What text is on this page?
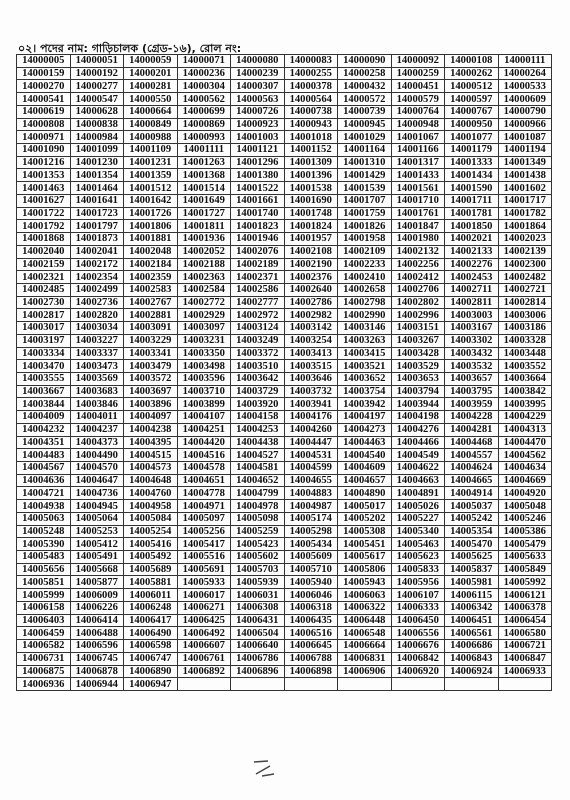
০২। পদের নাম: গাড়িচালক (গ্রেড-১৬), রোল নং:
14000005	14000051	14000059	14000071	14000080	14000083	14000090	14000092	14000108	14000111
14000159	14000192	14000201	14000236	14000239	14000255	14000258	14000259	14000262	14000264
14000270	14000277	14000281	14000304	14000307	14000378	14000432	14000451	14000512	14000533
14000541	14000547	14000550	14000562	14000563	14000564	14000572	14000579	14000597	14000609
14000619	14000628	14000664	14000699	14000726	14000738	14000739	14000764	14000767	14000790
14000808	14000838	14000849	14000869	14000923	14000943	14000945	14000948	14000950	14000966
14000971	14000984	14000988	14000993	14001003	14001018	14001029	14001067	14001077	14001087
14001090	14001099	14001109	14001111	14001121	14001152	14001164	14001166	14001179	14001194
14001216	14001230	14001231	14001263	14001296	14001309	14001310	14001317	14001333	14001349
14001353	14001354	14001359	14001368	14001380	14001396	14001429	14001433	14001434	14001438
14001463	14001464	14001512	14001514	14001522	14001538	14001539	14001561	14001590	14001602
14001627	14001641	14001642	14001649	14001661	14001690	14001707	14001710	14001711	14001717
14001722	14001723	14001726	14001727	14001740	14001748	14001759	14001761	14001781	14001782
14001792	14001797	14001806	14001811	14001823	14001824	14001826	14001847	14001850	14001864
14001868	14001873	14001881	14001936	14001946	14001957	14001958	14001980	14002021	14002023
14002040	14002041	14002048	14002052	14002076	14002108	14002109	14002132	14002133	14002139
14002159	14002172	14002184	14002188	14002189	14002190	14002233	14002256	14002276	14002300
14002321	14002354	14002359	14002363	14002371	14002376	14002410	14002412	14002453	14002482
14002485	14002499	14002583	14002584	14002586	14002640	14002658	14002706	14002711	14002721
14002730	14002736	14002767	14002772	14002777	14002786	14002798	14002802	14002811	14002814
14002817	14002820	14002881	14002929	14002972	14002982	14002990	14002996	14003003	14003006
14003017	14003034	14003091	14003097	14003124	14003142	14003146	14003151	14003167	14003186
14003197	14003227	14003229	14003231	14003249	14003254	14003263	14003267	14003302	14003328
14003334	14003337	14003341	14003350	14003372	14003413	14003415	14003428	14003432	14003448
14003470	14003473	14003479	14003498	14003510	14003515	14003521	14003529	14003532	14003552
14003555	14003569	14003572	14003596	14003642	14003646	14003652	14003653	14003657	14003664
14003667	14003683	14003697	14003710	14003729	14003732	14003754	14003794	14003795	14003842
14003844	14003846	14003896	14003899	14003920	14003941	14003942	14003944	14003959	14003995
14004009	14004011	14004097	14004107	14004158	14004176	14004197	14004198	14004228	14004229
14004232	14004237	14004238	14004251	14004253	14004260	14004273	14004276	14004281	14004313
14004351	14004373	14004395	14004420	14004438	14004447	14004463	14004466	14004468	14004470
14004483	14004490	14004515	14004516	14004527	14004531	14004540	14004549	14004557	14004562
14004567	14004570	14004573	14004578	14004581	14004599	14004609	14004622	14004624	14004634
14004636	14004647	14004648	14004651	14004652	14004655	14004657	14004663	14004665	14004669
14004721	14004736	14004760	14004778	14004799	14004883	14004890	14004891	14004914	14004920
14004938	14004945	14004958	14004971	14004978	14004987	14005017	14005026	14005037	14005048
14005063	14005064	14005084	14005097	14005098	14005174	14005202	14005227	14005242	14005246
14005248	14005253	14005254	14005256	14005259	14005298	14005308	14005340	14005354	14005386
14005390	14005412	14005416	14005417	14005423	14005434	14005451	14005463	14005470	14005479
14005483	14005491	14005492	14005516	14005602	14005609	14005617	14005623	14005625	14005633
14005656	14005668	14005689	14005691	14005703	14005710	14005806	14005833	14005837	14005849
14005851	14005877	14005881	14005933	14005939	14005940	14005943	14005956	14005981	14005992
14005999	14006009	14006011	14006017	14006031	14006046	14006063	14006107	14006115	14006121
14006158	14006226	14006248	14006271	14006308	14006318	14006322	14006333	14006342	14006378
14006403	14006414	14006417	14006425	14006431	14006435	14006448	14006450	14006451	14006454
14006459	14006488	14006490	14006492	14006504	14006516	14006548	14006556	14006561	14006580
14006582	14006596	14006598	14006607	14006640	14006645	14006664	14006676	14006686	14006721
14006731	14006745	14006747	14006761	14006786	14006788	14006831	14006842	14006843	14006847
14006875	14006878	14006890	14006892	14006896	14006898	14006906	14006920	14006924	14006933
14006936	14006944	14006947							
